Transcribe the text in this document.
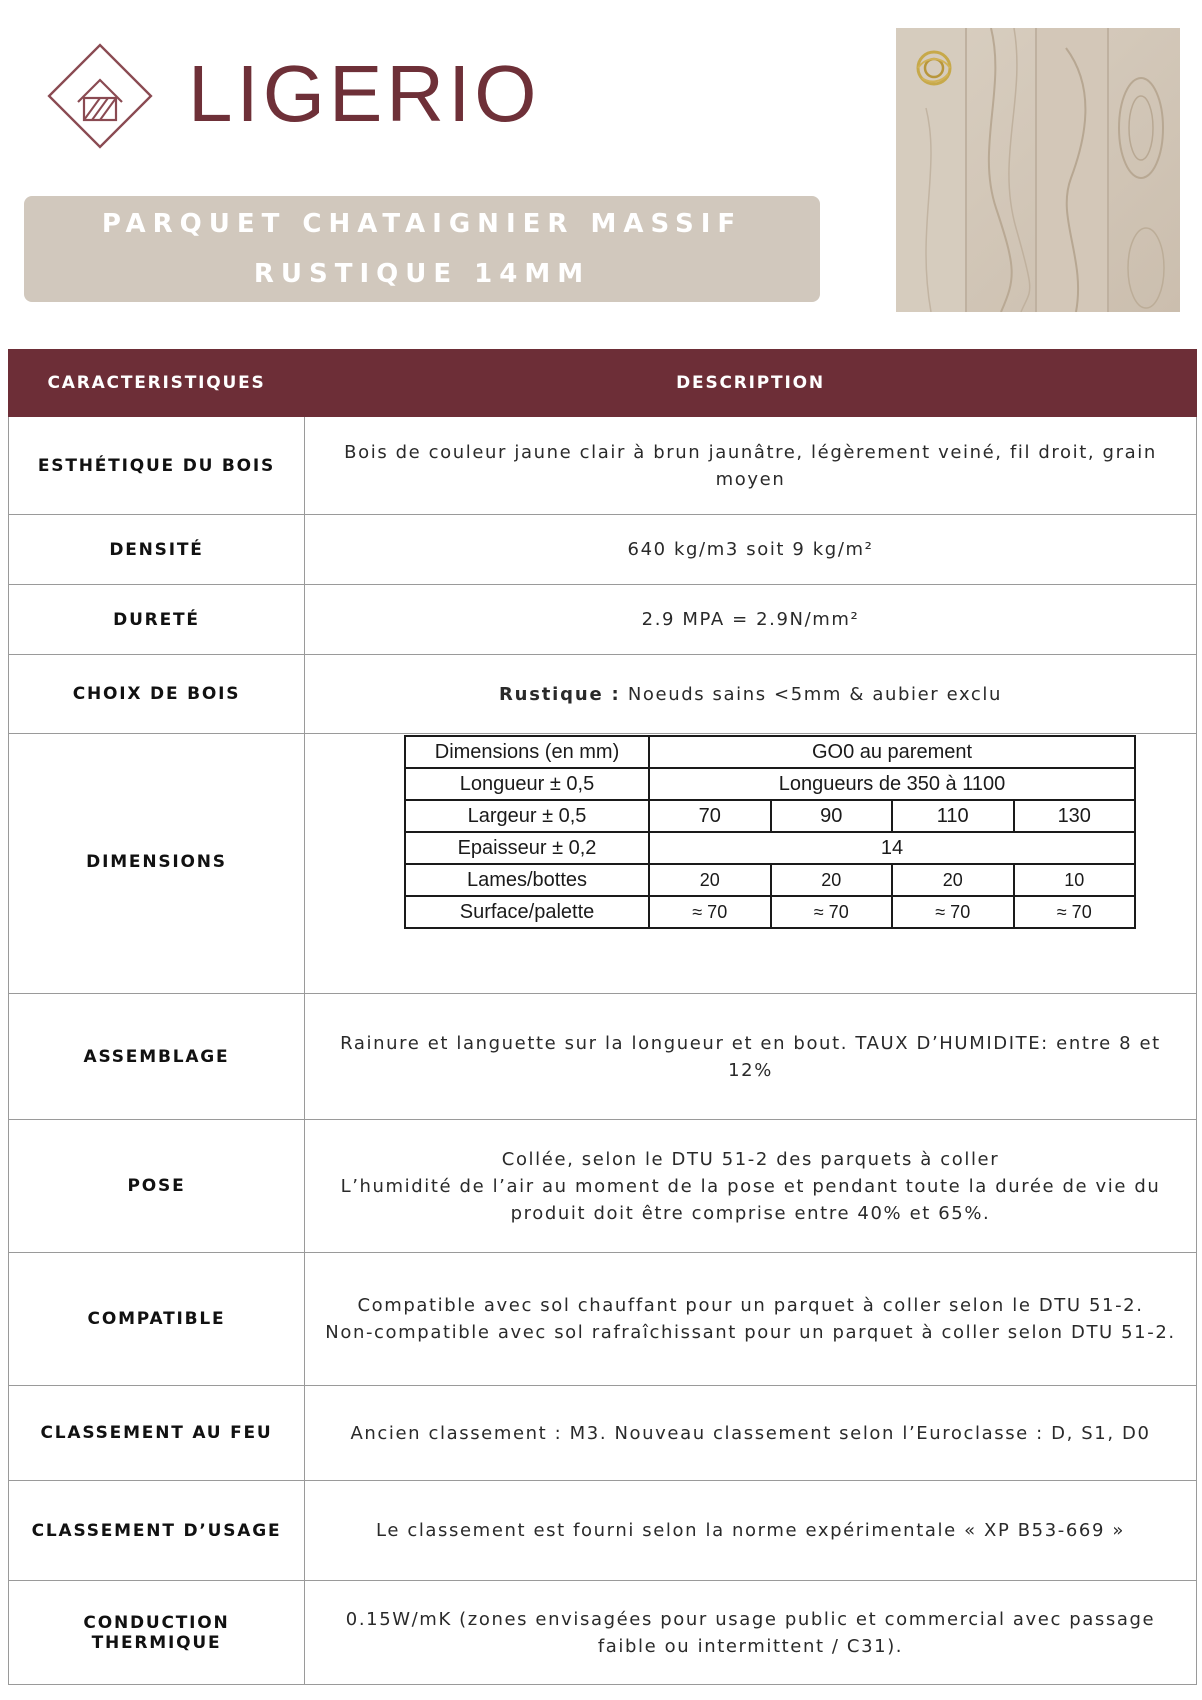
LIGERIO
PARQUET CHATAIGNIER MASSIF
RUSTIQUE 14MM
CARACTERISTIQUES	DESCRIPTION
ESTHÉTIQUE DU BOIS	Bois de couleur jaune clair à brun jaunâtre, légèrement veiné, fil droit, grain moyen
DENSITÉ	640 kg/m3 soit 9 kg/m²
DURETÉ	2.9 MPA = 2.9N/mm²
CHOIX DE BOIS	Rustique : Noeuds sains <5mm & aubier exclu
DIMENSIONS	
Dimensions (en mm)	GO0 au parement
Longueur ± 0,5	Longueurs de 350 à 1100
Largeur ± 0,5	70	90	110	130
Epaisseur ± 0,2	14
Lames/bottes	20	20	20	10
Surface/palette	≈ 70	≈ 70	≈ 70	≈ 70

ASSEMBLAGE	Rainure et languette sur la longueur et en bout. TAUX D’HUMIDITE: entre 8 et 12%
POSE	
Collée, selon le DTU 51-2 des parquets à coller
L’humidité de l’air au moment de la pose et pendant toute la durée de vie du produit doit être comprise entre 40% et 65%.

COMPATIBLE	
Compatible avec sol chauffant pour un parquet à coller selon le DTU 51-2.
Non-compatible avec sol rafraîchissant pour un parquet à coller selon DTU 51-2.

CLASSEMENT AU FEU	Ancien classement : M3. Nouveau classement selon l’Euroclasse : D, S1, D0
CLASSEMENT D’USAGE	Le classement est fourni selon la norme expérimentale « XP B53-669 »
CONDUCTION THERMIQUE	0.15W/mK (zones envisagées pour usage public et commercial avec passage faible ou intermittent / C31).
